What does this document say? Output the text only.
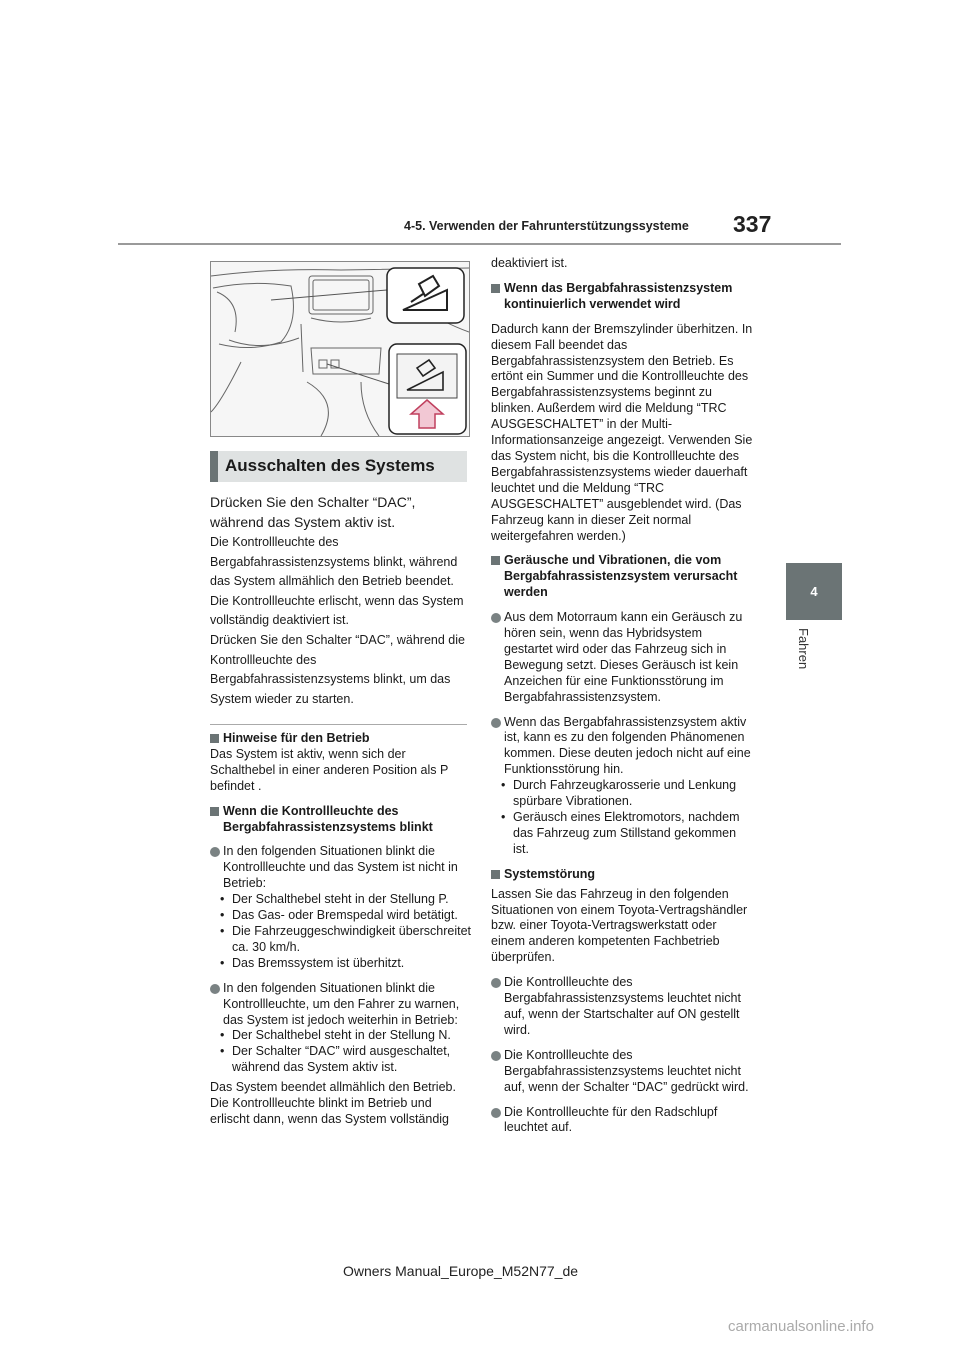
4-5. Verwenden der Fahrunterstützungssysteme 337
4
Fahren
Ausschalten des Systems
Drücken Sie den Schalter “DAC”, während das System aktiv ist.
Die Kontrollleuchte des Bergabfahrassistenzsystems blinkt, während das System allmählich den Betrieb beendet. Die Kontrollleuchte erlischt, wenn das System vollständig deaktiviert ist.
Drücken Sie den Schalter “DAC”, während die Kontrollleuchte des Bergabfahrassistenzsystems blinkt, um das System wieder zu starten.

Hinweise für den Betrieb

Das System ist aktiv, wenn sich der Schalthebel in einer anderen Position als P befindet .

Wenn die Kontrollleuchte des Bergabfahrassistenzsystems blinkt

In den folgenden Situationen blinkt die Kontrollleuchte und das System ist nicht in Betrieb:

• Der Schalthebel steht in der Stellung P.

• Das Gas- oder Bremspedal wird betätigt.

• Die Fahrzeuggeschwindigkeit überschreitet ca. 30 km/h.

• Das Bremssystem ist überhitzt.

In den folgenden Situationen blinkt die Kontrollleuchte, um den Fahrer zu warnen, das System ist jedoch weiterhin in Betrieb:

• Der Schalthebel steht in der Stellung N.

• Der Schalter “DAC” wird ausgeschaltet, während das System aktiv ist.

Das System beendet allmählich den Betrieb. Die Kontrollleuchte blinkt im Betrieb und erlischt dann, wenn das System vollständig

deaktiviert ist.

Wenn das Bergabfahrassistenzsystem kontinuierlich verwendet wird

Dadurch kann der Bremszylinder überhitzen. In diesem Fall beendet das Bergabfahrassistenzsystem den Betrieb. Es ertönt ein Summer und die Kontrollleuchte des Bergabfahrassistenzsystems beginnt zu blinken. Außerdem wird die Meldung “TRC AUSGESCHALTET” in der Multi-Informationsanzeige angezeigt. Verwenden Sie das System nicht, bis die Kontrollleuchte des Bergabfahrassistenzsystems wieder dauerhaft leuchtet und die Meldung “TRC AUSGESCHALTET” ausgeblendet wird. (Das Fahrzeug kann in dieser Zeit normal weitergefahren werden.)

Geräusche und Vibrationen, die vom Bergabfahrassistenzsystem verursacht werden

Aus dem Motorraum kann ein Geräusch zu hören sein, wenn das Hybridsystem gestartet wird oder das Fahrzeug sich in Bewegung setzt. Dieses Geräusch ist kein Anzeichen für eine Funktionsstörung im Bergabfahrassistenzsystem.

Wenn das Bergabfahrassistenzsystem aktiv ist, kann es zu den folgenden Phänomenen kommen. Diese deuten jedoch nicht auf eine Funktionsstörung hin.

• Durch Fahrzeugkarosserie und Lenkung spürbare Vibrationen.

• Geräusch eines Elektromotors, nachdem das Fahrzeug zum Stillstand gekommen ist.

Systemstörung

Lassen Sie das Fahrzeug in den folgenden Situationen von einem Toyota-Vertragshändler bzw. einer Toyota-Vertragswerkstatt oder einem anderen kompetenten Fachbetrieb überprüfen.

Die Kontrollleuchte des Bergabfahrassistenzsystems leuchtet nicht auf, wenn der Startschalter auf ON gestellt wird.

Die Kontrollleuchte des Bergabfahrassistenzsystems leuchtet nicht auf, wenn der Schalter “DAC” gedrückt wird.

Die Kontrollleuchte für den Radschlupf leuchtet auf.

Owners Manual_Europe_M52N77_de
carmanualsonline.info
